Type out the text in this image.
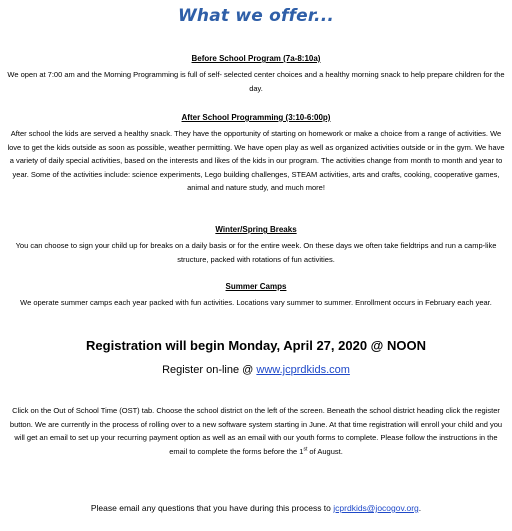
What we offer...
Before School Program (7a-8:10a)
We open at 7:00 am and the Morning Programming is full of self- selected center choices and a healthy morning snack to help prepare children for the day.
After School Programming (3:10-6:00p)
After school the kids are served a healthy snack. They have the opportunity of starting on homework or make a choice from a range of activities. We love to get the kids outside as soon as possible, weather permitting. We have open play as well as organized activities outside or in the gym. We have a variety of daily special activities, based on the interests and likes of the kids in our program. The activities change from month to month and year to year. Some of the activities include: science experiments, Lego building challenges, STEAM activities, arts and crafts, cooking, cooperative games, animal and nature study, and much more!
Winter/Spring Breaks
You can choose to sign your child up for breaks on a daily basis or for the entire week. On these days we often take fieldtrips and run a camp-like structure, packed with rotations of fun activities.
Summer Camps
We operate summer camps each year packed with fun activities. Locations vary summer to summer. Enrollment occurs in February each year.
Registration will begin Monday, April 27, 2020 @ NOON
Register on-line @ www.jcprdkids.com
Click on the Out of School Time (OST) tab. Choose the school district on the left of the screen. Beneath the school district heading click the register button. We are currently in the process of rolling over to a new software system starting in June. At that time registration will enroll your child and you will get an email to set up your recurring payment option as well as an email with our youth forms to complete. Please follow the instructions in the email to complete the forms before the 1st of August.
Please email any questions that you have during this process to jcprdkids@jocogov.org.
